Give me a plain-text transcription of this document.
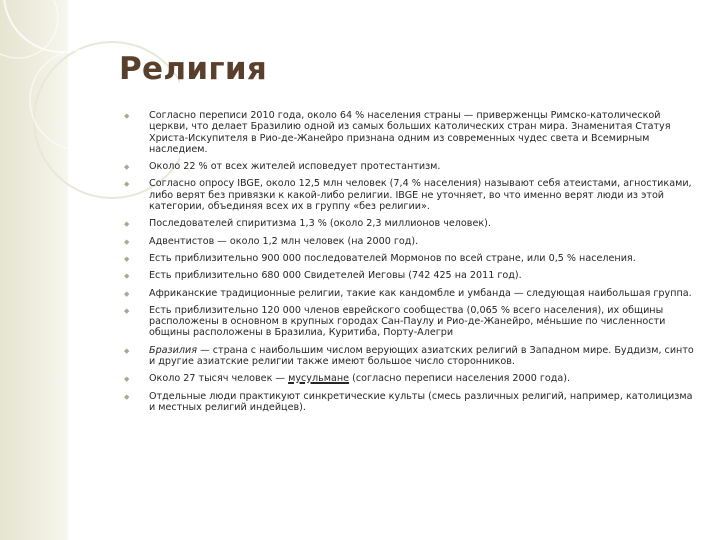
Религия
◆ Согласно переписи 2010 года, около 64 % населения страны — приверженцы Римско-католической церкви, что делает Бразилию одной из самых больших католических стран мира. Знаменитая Статуя Христа-Искупителя в Рио-де-Жанейро признана одним из современных чудес света и Всемирным наследием.
◆ Около 22 % от всех жителей исповедует протестантизм.
◆ Согласно опросу IBGE, около 12,5 млн человек (7,4 % населения) называют себя атеистами, агностиками, либо верят без привязки к какой-либо религии. IBGE не уточняет, во что именно верят люди из этой категории, объединяя всех их в группу «без религии».
◆ Последователей спиритизма 1,3 % (около 2,3 миллионов человек).
◆ Адвентистов — около 1,2 млн человек (на 2000 год).
◆ Есть приблизительно 900 000 последователей Мормонов по всей стране, или 0,5 % населения.
◆ Есть приблизительно 680 000 Свидетелей Иеговы (742 425 на 2011 год).
◆ Африканские традиционные религии, такие как кандомбле и умбанда — следующая наибольшая группа.
◆ Есть приблизительно 120 000 членов еврейского сообщества (0,065 % всего населения), их общины расположены в основном в крупных городах Сан-Паулу и Рио-де-Жанейро, ме́ньшие по численности общины расположены в Бразилиа, Куритиба, Порту-Алегри
◆ Бразилия — страна с наибольшим числом верующих азиатских религий в Западном мире. Буддизм, синто и другие азиатские религии также имеют большое число сторонников.
◆ Около 27 тысяч человек — мусульмане (согласно переписи населения 2000 года).
◆ Отдельные люди практикуют синкретические культы (смесь различных религий, например, католицизма и местных религий индейцев).
